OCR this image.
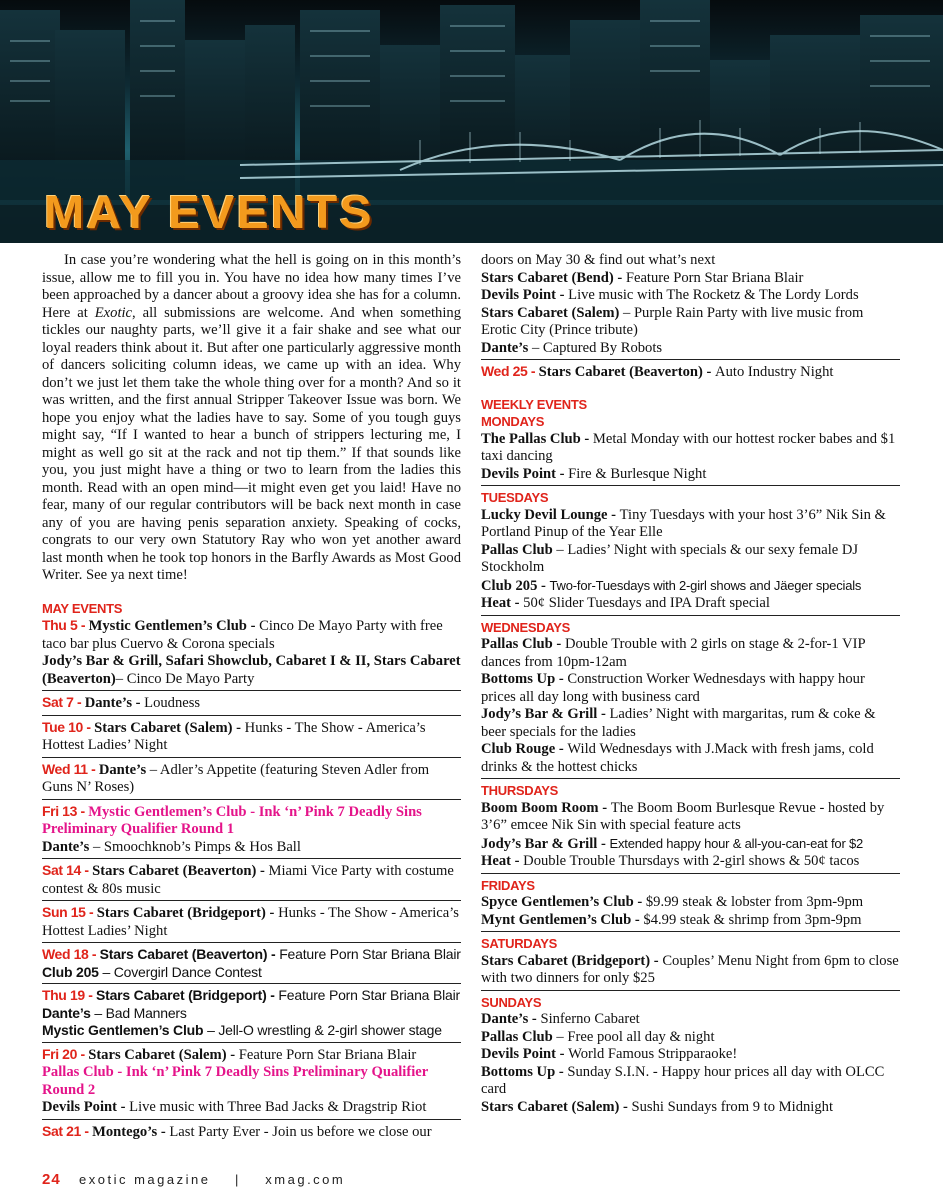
MAY EVENTS

In case you’re wondering what the hell is going on in this month’s issue, allow me to fill you in. You have no idea how many times I’ve been approached by a dancer about a groovy idea she has for a column. Here at Exotic, all submissions are welcome. And when something tickles our naughty parts, we’ll give it a fair shake and see what our loyal readers think about it. But after one particularly aggressive month of dancers soliciting column ideas, we came up with an idea. Why don’t we just let them take the whole thing over for a month? And so it was written, and the first annual Stripper Takeover Issue was born. We hope you enjoy what the ladies have to say. Some of you tough guys might say, “If I wanted to hear a bunch of strippers lecturing me, I might as well go sit at the rack and not tip them.” If that sounds like you, you just might have a thing or two to learn from the ladies this month. Read with an open mind—it might even get you laid! Have no fear, many of our regular contributors will be back next month in case any of you are having penis separation anxiety. Speaking of cocks, congrats to our very own Statutory Ray who won yet another award last month when he took top honors in the Barfly Awards as Most Good Writer. See ya next time!

MAY EVENTS

Thu 5 - Mystic Gentlemen’s Club - Cinco De Mayo Party with free taco bar plus Cuervo & Corona specials

Jody’s Bar & Grill, Safari Showclub, Cabaret I & II, Stars Cabaret (Beaverton)– Cinco De Mayo Party

Sat 7 - Dante’s - Loudness

Tue 10 - Stars Cabaret (Salem) - Hunks - The Show - America’s Hottest Ladies’ Night

Wed 11 - Dante’s – Adler’s Appetite (featuring Steven Adler from Guns N’ Roses)

Fri 13 - Mystic Gentlemen’s Club - Ink ‘n’ Pink 7 Deadly Sins Preliminary Qualifier Round 1

Dante’s – Smoochknob’s Pimps & Hos Ball

Sat 14 - Stars Cabaret (Beaverton) - Miami Vice Party with costume contest & 80s music

Sun 15 - Stars Cabaret (Bridgeport) - Hunks - The Show - America’s Hottest Ladies’ Night

Wed 18 - Stars Cabaret (Beaverton) - Feature Porn Star Briana Blair

Club 205 – Covergirl Dance Contest

Thu 19 - Stars Cabaret (Bridgeport) - Feature Porn Star Briana Blair

Dante’s – Bad Manners

Mystic Gentlemen’s Club – Jell-O wrestling & 2-girl shower stage

Fri 20 - Stars Cabaret (Salem) - Feature Porn Star Briana Blair

Pallas Club - Ink ‘n’ Pink 7 Deadly Sins Preliminary Qualifier Round 2

Devils Point - Live music with Three Bad Jacks & Dragstrip Riot

Sat 21 - Montego’s - Last Party Ever - Join us before we close our

doors on May 30 & find out what’s next

Stars Cabaret (Bend) - Feature Porn Star Briana Blair

Devils Point - Live music with The Rocketz & The Lordy Lords

Stars Cabaret (Salem) – Purple Rain Party with live music from Erotic City (Prince tribute)

Dante’s – Captured By Robots

Wed 25 - Stars Cabaret (Beaverton) - Auto Industry Night

WEEKLY EVENTS

MONDAYS

The Pallas Club - Metal Monday with our hottest rocker babes and $1 taxi dancing

Devils Point - Fire & Burlesque Night

TUESDAYS

Lucky Devil Lounge - Tiny Tuesdays with your host 3’6” Nik Sin & Portland Pinup of the Year Elle

Pallas Club – Ladies’ Night with specials & our sexy female DJ Stockholm

Club 205 - Two-for-Tuesdays with 2-girl shows and Jäeger specials

Heat - 50¢ Slider Tuesdays and IPA Draft special

WEDNESDAYS

Pallas Club - Double Trouble with 2 girls on stage & 2-for-1 VIP dances from 10pm-12am

Bottoms Up - Construction Worker Wednesdays with happy hour prices all day long with business card

Jody’s Bar & Grill - Ladies’ Night with margaritas, rum & coke & beer specials for the ladies

Club Rouge - Wild Wednesdays with J.Mack with fresh jams, cold drinks & the hottest chicks

THURSDAYS

Boom Boom Room - The Boom Boom Burlesque Revue - hosted by 3’6” emcee Nik Sin with special feature acts

Jody’s Bar & Grill - Extended happy hour & all-you-can-eat for $2

Heat - Double Trouble Thursdays with 2-girl shows & 50¢ tacos

FRIDAYS

Spyce Gentlemen’s Club - $9.99 steak & lobster from 3pm-9pm

Mynt Gentlemen’s Club - $4.99 steak & shrimp from 3pm-9pm

SATURDAYS

Stars Cabaret (Bridgeport) - Couples’ Menu Night from 6pm to close with two dinners for only $25

SUNDAYS

Dante’s - Sinferno Cabaret

Pallas Club – Free pool all day & night

Devils Point - World Famous Stripparaoke!

Bottoms Up - Sunday S.I.N. - Happy hour prices all day with OLCC card

Stars Cabaret (Salem) - Sushi Sundays from 9 to Midnight

24 exotic magazine | xmag.com
